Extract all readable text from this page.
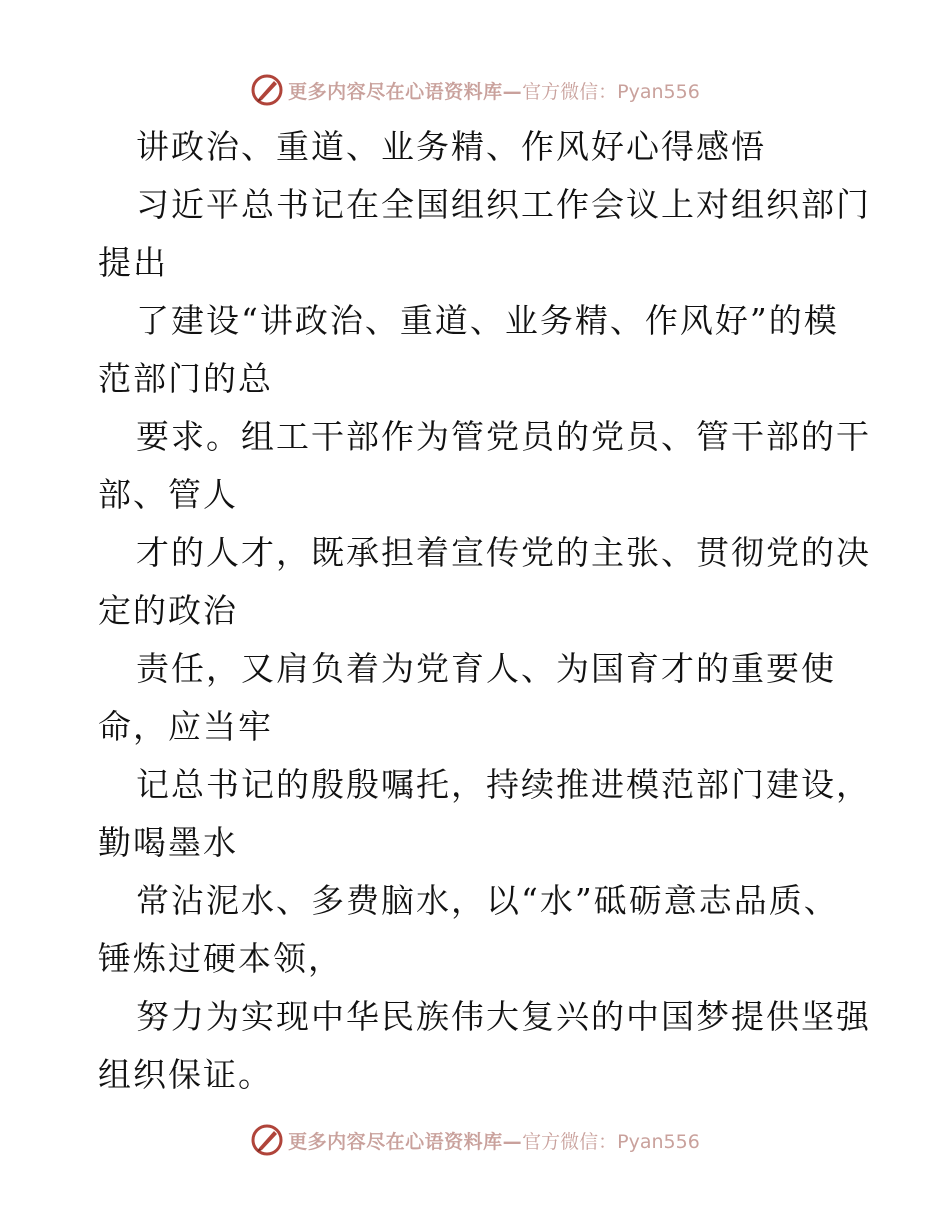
更多内容尽在心语资料库— 官方微信：Pyan556
讲政治、重道、业务精、作风好心得感悟
习近平总书记在全国组织工作会议上对组织部门
提出
了建设“讲政治、重道、业务精、作风好”的模
范部门的总
要求。组工干部作为管党员的党员、管干部的干
部、管人
才的人才，既承担着宣传党的主张、贯彻党的决
定的政治
责任，又肩负着为党育人、为国育才的重要使
命，应当牢
记总书记的殷殷嘱托，持续推进模范部门建设，
勤喝墨水
常沾泥水、多费脑水，以“水”砥砺意志品质、
锤炼过硬本领，
努力为实现中华民族伟大复兴的中国梦提供坚强
组织保证。
更多内容尽在心语资料库— 官方微信：Pyan556
